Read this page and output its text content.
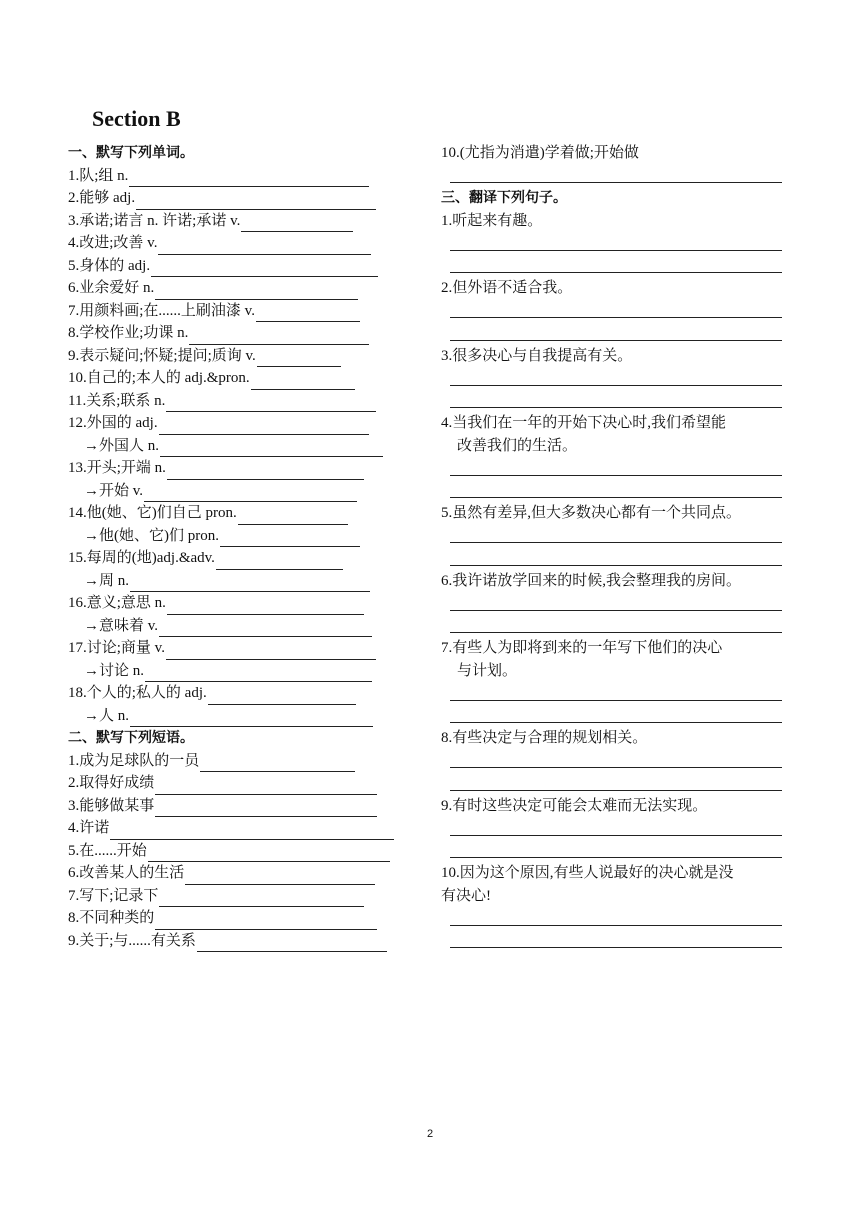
Section B
一、默写下列单词。
1.队;组 n.
2.能够 adj.
3.承诺;诺言 n. 许诺;承诺 v.
4.改进;改善 v.
5.身体的 adj.
6.业余爱好 n.
7.用颜料画;在......上刷油漆 v.
8.学校作业;功课 n.
9.表示疑问;怀疑;提问;质询 v.
10.自己的;本人的 adj.&pron.
11.关系;联系 n.
12.外国的 adj.
→外国人 n.
13.开头;开端 n.
→开始 v.
14.他(她、它)们自己 pron.
→他(她、它)们 pron.
15.每周的(地)adj.&adv.
→周 n.
16.意义;意思 n.
→意味着 v.
17.讨论;商量 v.
→讨论 n.
18.个人的;私人的 adj.
→人 n.
二、默写下列短语。
1.成为足球队的一员
2.取得好成绩
3.能够做某事
4.许诺
5.在......开始
6.改善某人的生活
7.写下;记录下
8.不同种类的
9.关于;与......有关系
10.(尤指为消遣)学着做;开始做
三、翻译下列句子。
1.听起来有趣。
2.但外语不适合我。
3.很多决心与自我提高有关。
4.当我们在一年的开始下决心时,我们希望能
改善我们的生活。
5.虽然有差异,但大多数决心都有一个共同点。
6.我许诺放学回来的时候,我会整理我的房间。
7.有些人为即将到来的一年写下他们的决心
与计划。
8.有些决定与合理的规划相关。
9.有时这些决定可能会太难而无法实现。
10.因为这个原因,有些人说最好的决心就是没
有决心!
2
